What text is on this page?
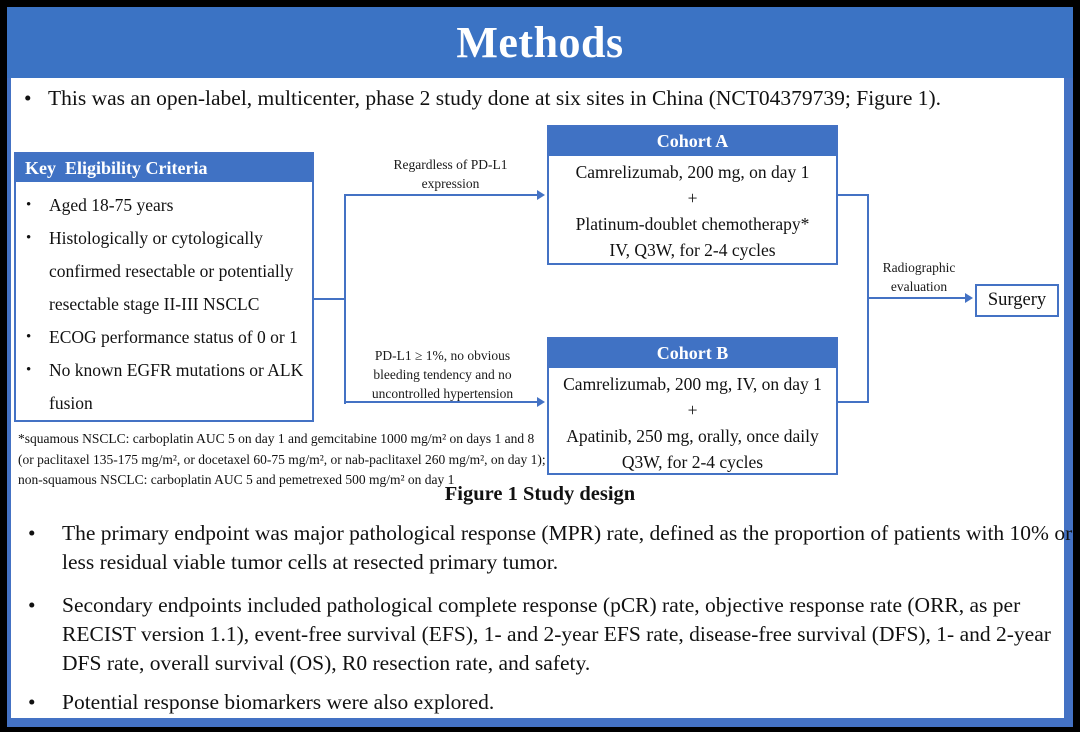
Methods
• This was an open-label, multicenter, phase 2 study done at six sites in China (NCT04379739; Figure 1).
Key  Eligibility Criteria
• Aged 18-75 years
• Histologically or cytologically confirmed resectable or potentially resectable stage II-III NSCLC
• ECOG performance status of 0 or 1
• No known EGFR mutations or ALK fusion
Regardless of PD-L1 expression
PD-L1 ≥ 1%, no obvious bleeding tendency and no uncontrolled hypertension
Cohort A
Camrelizumab, 200 mg, on day 1
+
Platinum-doublet chemotherapy*
IV, Q3W, for 2-4 cycles
Cohort B
Camrelizumab, 200 mg, IV, on day 1
+
Apatinib, 250 mg, orally, once daily
Q3W, for 2-4 cycles
Radiographic evaluation
Surgery
*squamous NSCLC: carboplatin AUC 5 on day 1 and gemcitabine 1000 mg/m² on days 1 and 8 (or paclitaxel 135-175 mg/m², or docetaxel 60-75 mg/m², or nab-paclitaxel 260 mg/m², on day 1); non-squamous NSCLC: carboplatin AUC 5 and pemetrexed 500 mg/m² on day 1
Figure 1 Study design
• The primary endpoint was major pathological response (MPR) rate, defined as the proportion of patients with 10% or less residual viable tumor cells at resected primary tumor.
• Secondary endpoints included pathological complete response (pCR) rate, objective response rate (ORR, as per RECIST version 1.1), event-free survival (EFS), 1- and 2-year EFS rate, disease-free survival (DFS), 1- and 2-year DFS rate, overall survival (OS), R0 resection rate, and safety.
• Potential response biomarkers were also explored.
